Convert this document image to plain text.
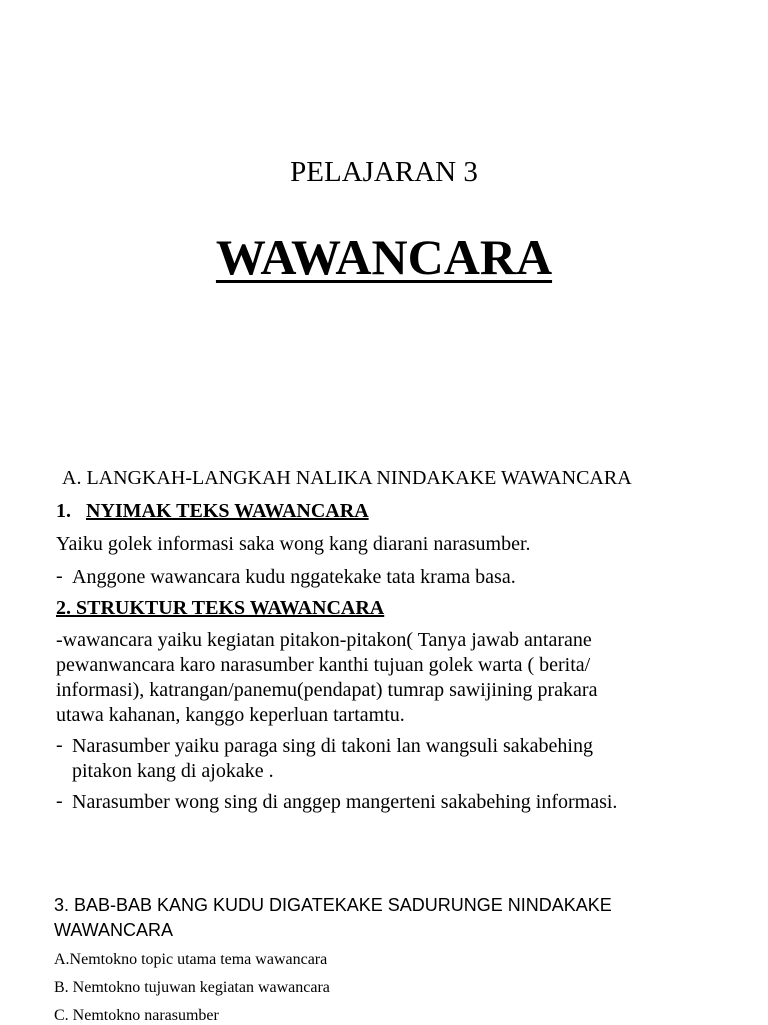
PELAJARAN 3
WAWANCARA
A. LANGKAH-LANGKAH NALIKA NINDAKAKE WAWANCARA
1. NYIMAK TEKS WAWANCARA
Yaiku golek informasi saka wong kang diarani narasumber.
- Anggone wawancara kudu nggatekake tata krama basa.
2. STRUKTUR TEKS WAWANCARA
-wawancara yaiku kegiatan pitakon-pitakon( Tanya jawab antarane
pewanwancara karo narasumber kanthi tujuan golek warta ( berita/
informasi), katrangan/panemu(pendapat) tumrap sawijining prakara
utawa kahanan, kanggo keperluan tartamtu.
- Narasumber yaiku paraga sing di takoni lan wangsuli sakabehing
pitakon kang di ajokake .
- Narasumber wong sing di anggep mangerteni sakabehing informasi.
3. BAB-BAB KANG KUDU DIGATEKAKE SADURUNGE NINDAKAKE
WAWANCARA
A.Nemtokno topic utama tema wawancara
B. Nemtokno tujuwan kegiatan wawancara
C. Nemtokno narasumber
